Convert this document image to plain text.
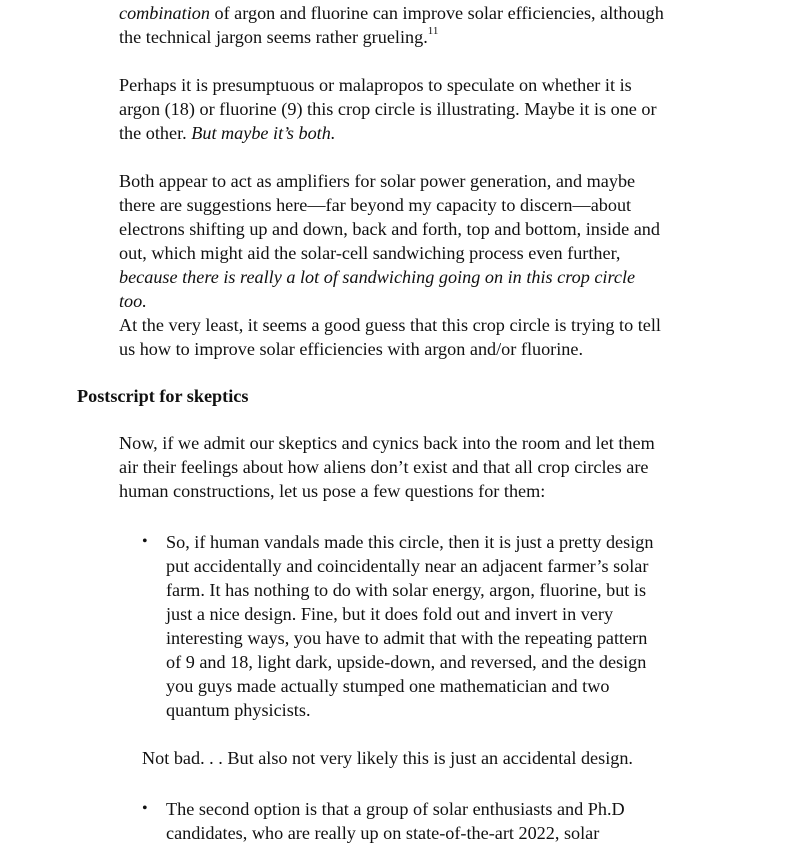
combination of argon and fluorine can improve solar efficiencies, although the technical jargon seems rather grueling.$^{11}$

Perhaps it is presumptuous or malapropos to speculate on whether it is argon (18) or fluorine (9) this crop circle is illustrating. Maybe it is one or the other. But maybe it’s both.

Both appear to act as amplifiers for solar power generation, and maybe there are suggestions here—far beyond my capacity to discern—about electrons shifting up and down, back and forth, top and bottom, inside and out, which might aid the solar-cell sandwiching process even further, because there is really a lot of sandwiching going on in this crop circle too.

At the very least, it seems a good guess that this crop circle is trying to tell us how to improve solar efficiencies with argon and/or fluorine.

Postscript for skeptics

Now, if we admit our skeptics and cynics back into the room and let them air their feelings about how aliens don’t exist and that all crop circles are human constructions, let us pose a few questions for them:

• So, if human vandals made this circle, then it is just a pretty design put accidentally and coincidentally near an adjacent farmer’s solar farm. It has nothing to do with solar energy, argon, fluorine, but is just a nice design. Fine, but it does fold out and invert in very interesting ways, you have to admit that with the repeating pattern of 9 and 18, light dark, upside-down, and reversed, and the design you guys made actually stumped one mathematician and two quantum physicists.

Not bad. . . But also not very likely this is just an accidental design.

• The second option is that a group of solar enthusiasts and Ph.D candidates, who are really up on state-of-the-art 2022, solar
